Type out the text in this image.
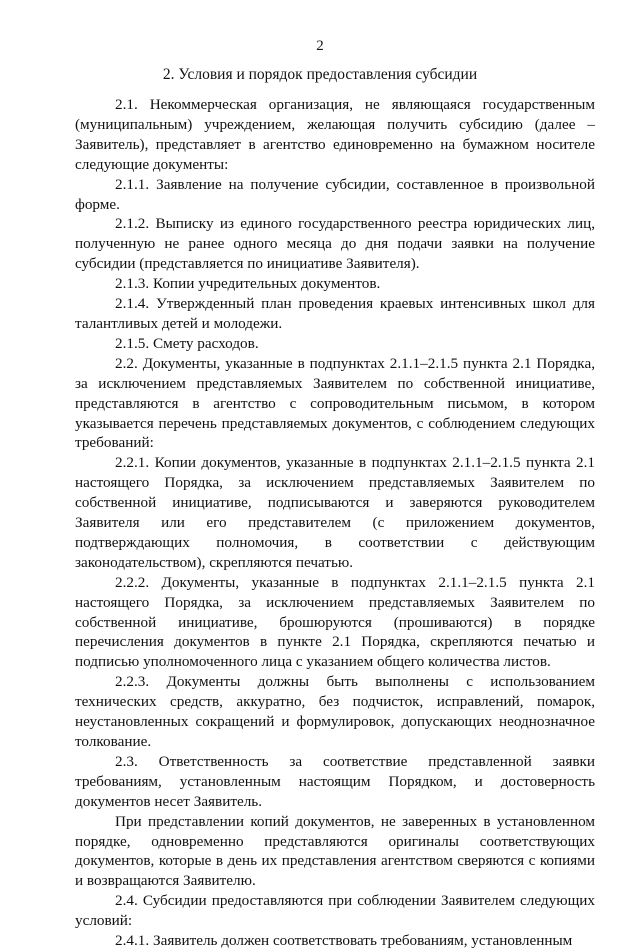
2
2. Условия и порядок предоставления субсидии

2.1. Некоммерческая организация, не являющаяся государственным (муниципальным) учреждением, желающая получить субсидию (далее – Заявитель), представляет в агентство единовременно на бумажном носителе следующие документы:

2.1.1. Заявление на получение субсидии, составленное в произвольной форме.

2.1.2. Выписку из единого государственного реестра юридических лиц, полученную не ранее одного месяца до дня подачи заявки на получение субсидии (представляется по инициативе Заявителя).

2.1.3. Копии учредительных документов.

2.1.4. Утвержденный план проведения краевых интенсивных школ для талантливых детей и молодежи.

2.1.5. Смету расходов.

2.2. Документы, указанные в подпунктах 2.1.1–2.1.5 пункта 2.1 Порядка, за исключением представляемых Заявителем по собственной инициативе, представляются в агентство с сопроводительным письмом, в котором указывается перечень представляемых документов, с соблюдением следующих требований:

2.2.1. Копии документов, указанные в подпунктах 2.1.1–2.1.5 пункта 2.1 настоящего Порядка, за исключением представляемых Заявителем по собственной инициативе, подписываются и заверяются руководителем Заявителя или его представителем (с приложением документов, подтверждающих полномочия, в соответствии с действующим законодательством), скрепляются печатью.

2.2.2. Документы, указанные в подпунктах 2.1.1–2.1.5 пункта 2.1 настоящего Порядка, за исключением представляемых Заявителем по собственной инициативе, брошюруются (прошиваются) в порядке перечисления документов в пункте 2.1 Порядка, скрепляются печатью и подписью уполномоченного лица с указанием общего количества листов.

2.2.3. Документы должны быть выполнены с использованием технических средств, аккуратно, без подчисток, исправлений, помарок, неустановленных сокращений и формулировок, допускающих неоднозначное толкование.

2.3. Ответственность за соответствие представленной заявки требованиям, установленным настоящим Порядком, и достоверность документов несет Заявитель.

При представлении копий документов, не заверенных в установленном порядке, одновременно представляются оригиналы соответствующих документов, которые в день их представления агентством сверяются с копиями и возвращаются Заявителю.

2.4. Субсидии предоставляются при соблюдении Заявителем следующих условий:

2.4.1. Заявитель должен соответствовать требованиям, установленным
